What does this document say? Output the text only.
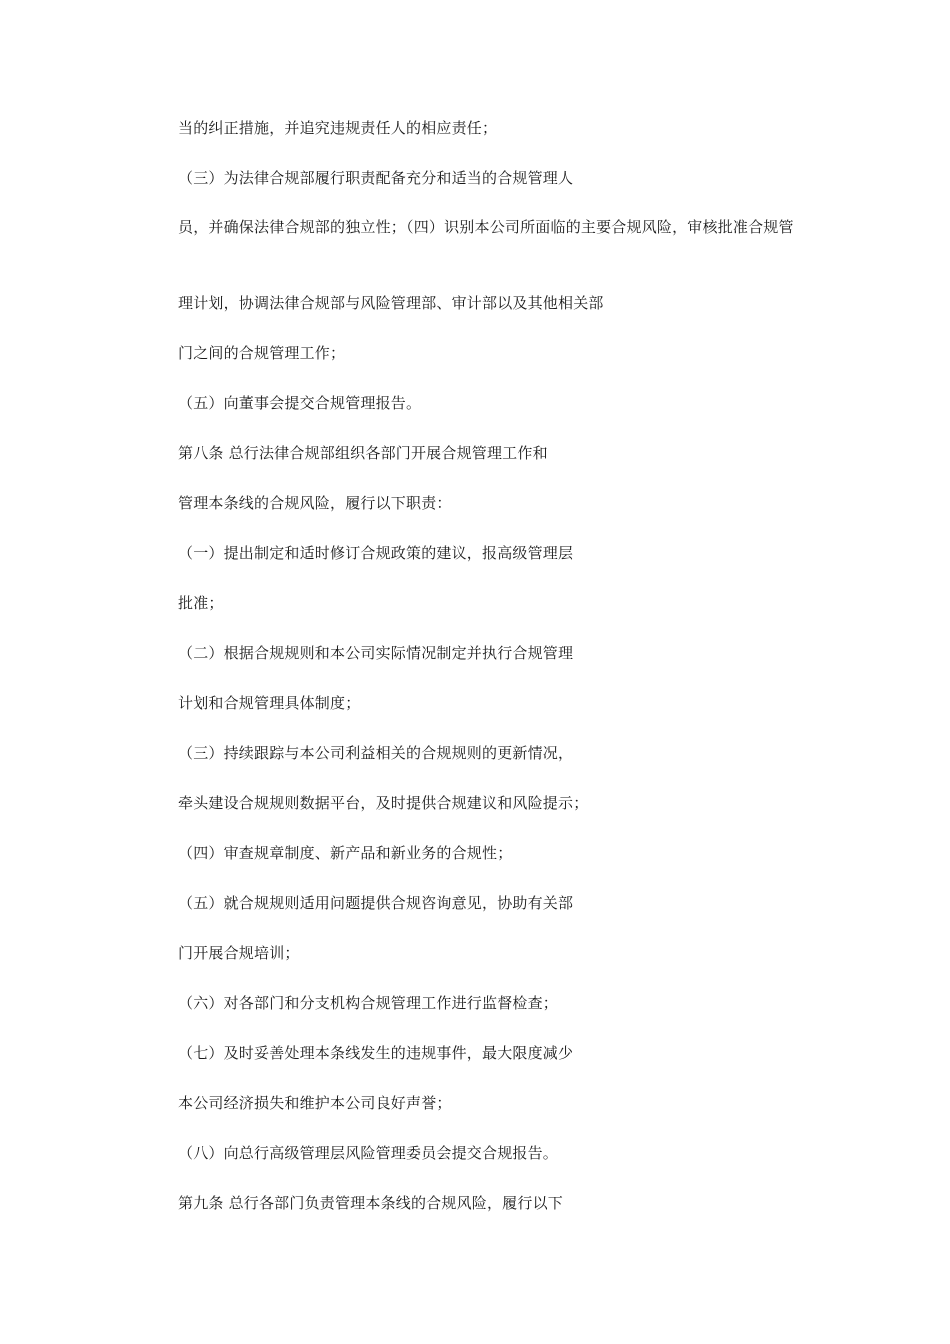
当的纠正措施，并追究违规责任人的相应责任；
（三）为法律合规部履行职责配备充分和适当的合规管理人
员，并确保法律合规部的独立性；（四）识别本公司所面临的主要合规风险，审核批准合规管
理计划，协调法律合规部与风险管理部、审计部以及其他相关部
门之间的合规管理工作；
（五）向董事会提交合规管理报告。
第八条 总行法律合规部组织各部门开展合规管理工作和
管理本条线的合规风险，履行以下职责：
（一）提出制定和适时修订合规政策的建议，报高级管理层
批准；
（二）根据合规规则和本公司实际情况制定并执行合规管理
计划和合规管理具体制度；
（三）持续跟踪与本公司利益相关的合规规则的更新情况，
牵头建设合规规则数据平台，及时提供合规建议和风险提示；
（四）审查规章制度、新产品和新业务的合规性；
（五）就合规规则适用问题提供合规咨询意见，协助有关部
门开展合规培训；
（六）对各部门和分支机构合规管理工作进行监督检查；
（七）及时妥善处理本条线发生的违规事件，最大限度减少
本公司经济损失和维护本公司良好声誉；
（八）向总行高级管理层风险管理委员会提交合规报告。
第九条 总行各部门负责管理本条线的合规风险，履行以下
